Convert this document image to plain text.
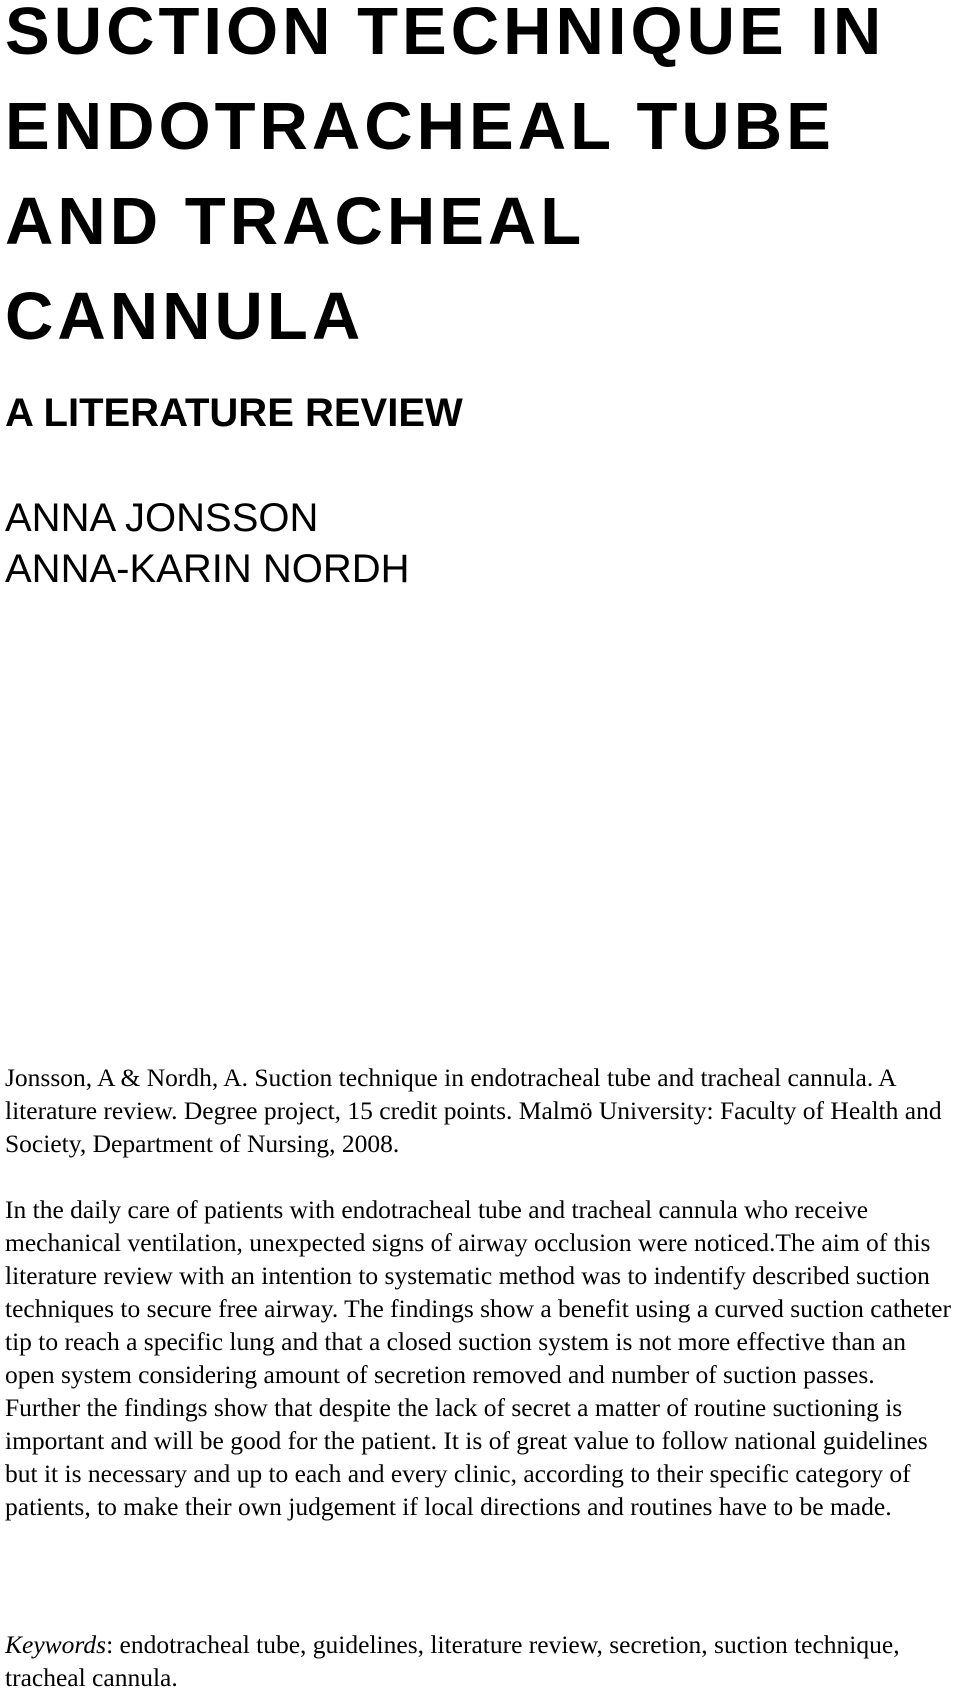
SUCTION TECHNIQUE IN
ENDOTRACHEAL TUBE
AND TRACHEAL
CANNULA
A LITERATURE REVIEW
ANNA JONSSON
ANNA-KARIN NORDH

Jonsson, A & Nordh, A. Suction technique in endotracheal tube and tracheal cannula. A literature review. Degree project, 15 credit points. Malmö University: Faculty of Health and Society, Department of Nursing, 2008.

In the daily care of patients with endotracheal tube and tracheal cannula who receive mechanical ventilation, unexpected signs of airway occlusion were noticed.The aim of this literature review with an intention to systematic method was to indentify described suction techniques to secure free airway. The findings show a benefit using a curved suction catheter tip to reach a specific lung and that a closed suction system is not more effective than an open system considering amount of secretion removed and number of suction passes. Further the findings show that despite the lack of secret a matter of routine suctioning is important and will be good for the patient. It is of great value to follow national guidelines but it is necessary and up to each and every clinic, according to their specific category of patients, to make their own judgement if local directions and routines have to be made.

Keywords: endotracheal tube, guidelines, literature review, secretion, suction technique, tracheal cannula.
